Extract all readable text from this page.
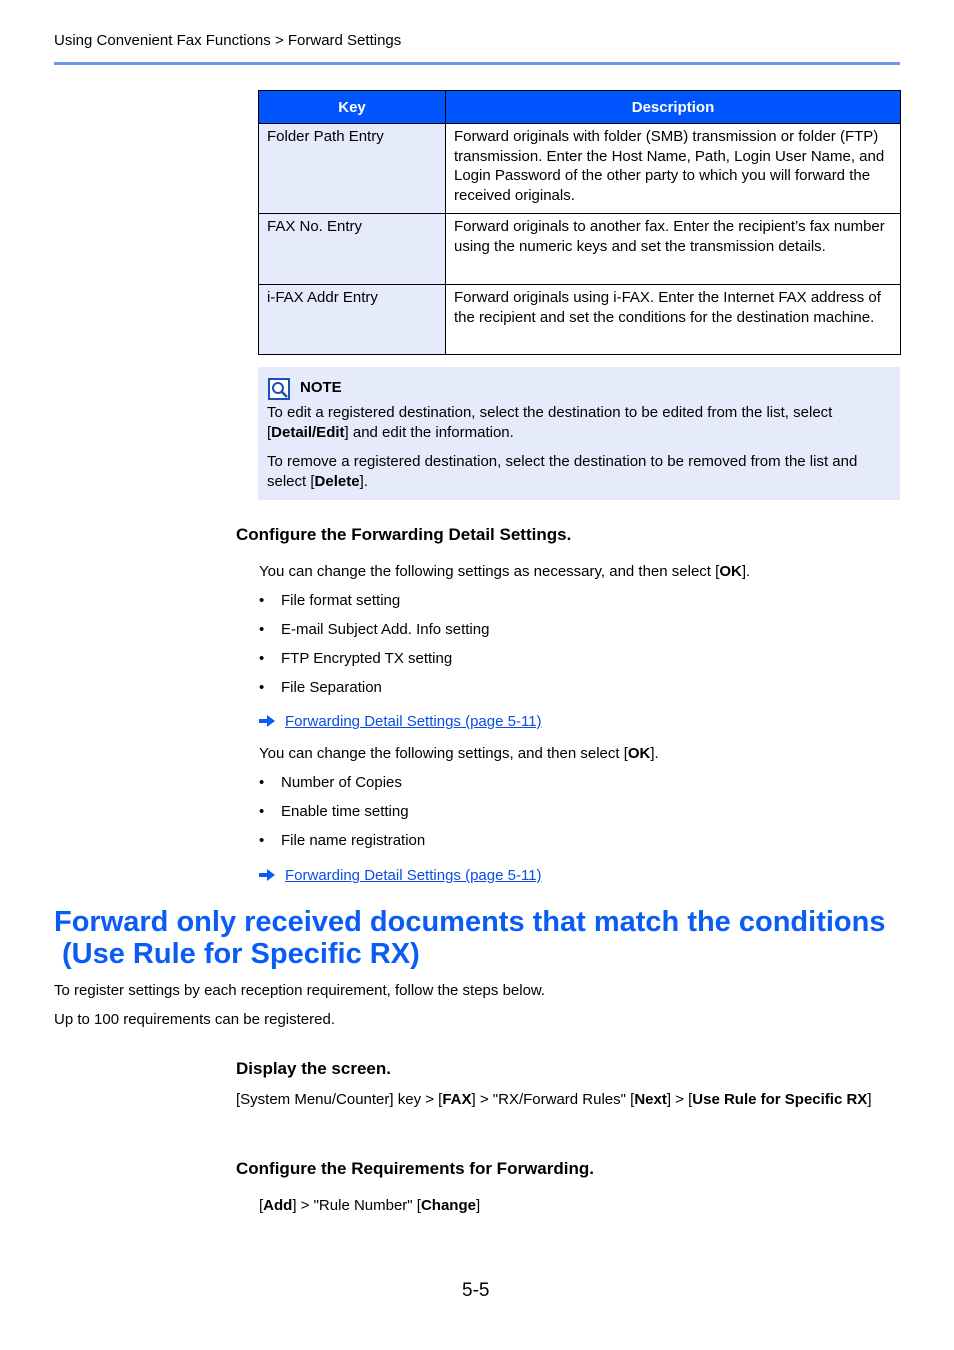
Using Convenient Fax Functions > Forward Settings
Key	Description
Folder Path Entry	Forward originals with folder (SMB) transmission or folder (FTP) transmission. Enter the Host Name, Path, Login User Name, and Login Password of the other party to which you will forward the received originals.
FAX No. Entry	Forward originals to another fax. Enter the recipient’s fax number using the numeric keys and set the transmission details.
i-FAX Addr Entry	Forward originals using i-FAX. Enter the Internet FAX address of the recipient and set the conditions for the destination machine.
NOTE
To edit a registered destination, select the destination to be edited from the list, select [Detail/Edit] and edit the information.
To remove a registered destination, select the destination to be removed from the list and select [Delete].
Configure the Forwarding Detail Settings.
You can change the following settings as necessary, and then select [OK].
• File format setting
• E-mail Subject Add. Info setting
• FTP Encrypted TX setting
• File Separation
Forwarding Detail Settings (page 5-11)
You can change the following settings, and then select [OK].
• Number of Copies
• Enable time setting
• File name registration
Forwarding Detail Settings (page 5-11)
Forward only received documents that match the conditions
(Use Rule for Specific RX)
To register settings by each reception requirement, follow the steps below.
Up to 100 requirements can be registered.
Display the screen.
[System Menu/Counter] key > [FAX] > "RX/Forward Rules" [Next] > [Use Rule for Specific RX]
Configure the Requirements for Forwarding.
[Add] > "Rule Number" [Change]
5-5
